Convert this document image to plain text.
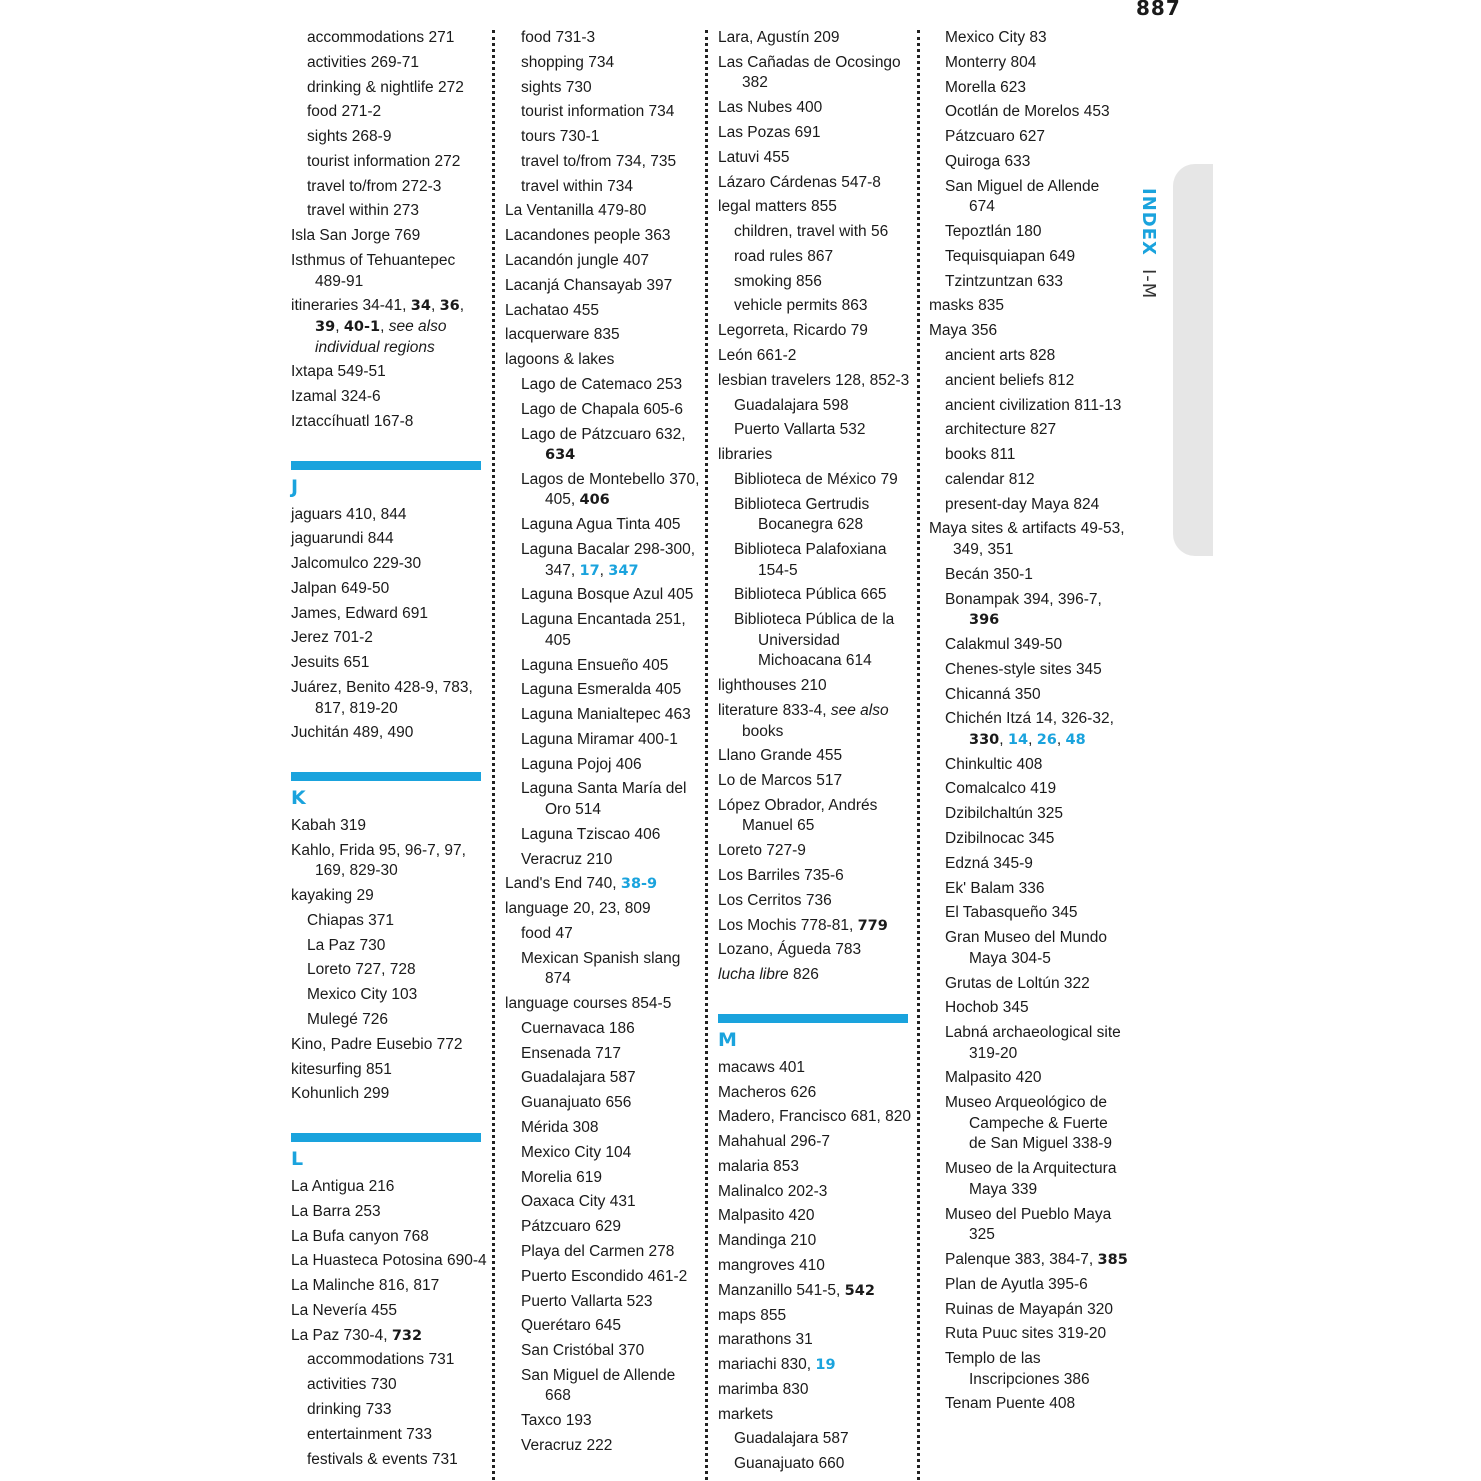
887
accommodations 271
activities 269-71
drinking & nightlife 272
food 271-2
sights 268-9
tourist information 272
travel to/from 272-3
travel within 273
Isla San Jorge 769
Isthmus of Tehuantepec 489-91
itineraries 34-41, 34, 36, 39, 40-1, see also individual regions
Ixtapa 549-51
Izamal 324-6
Iztaccíhuatl 167-8
J
jaguars 410, 844
jaguarundi 844
Jalcomulco 229-30
Jalpan 649-50
James, Edward 691
Jerez 701-2
Jesuits 651
Juárez, Benito 428-9, 783, 817, 819-20
Juchitán 489, 490
K
Kabah 319
Kahlo, Frida 95, 96-7, 97, 169, 829-30
kayaking 29
Chiapas 371
La Paz 730
Loreto 727, 728
Mexico City 103
Mulegé 726
Kino, Padre Eusebio 772
kitesurfing 851
Kohunlich 299
L
La Antigua 216
La Barra 253
La Bufa canyon 768
La Huasteca Potosina 690-4
La Malinche 816, 817
La Nevería 455
La Paz 730-4, 732
accommodations 731
activities 730
drinking 733
entertainment 733
festivals & events 731
food 731-3
shopping 734
sights 730
tourist information 734
tours 730-1
travel to/from 734, 735
travel within 734
La Ventanilla 479-80
Lacandones people 363
Lacandón jungle 407
Lacanjá Chansayab 397
Lachatao 455
lacquerware 835
lagoons & lakes
Lago de Catemaco 253
Lago de Chapala 605-6
Lago de Pátzcuaro 632, 634
Lagos de Montebello 370, 405, 406
Laguna Agua Tinta 405
Laguna Bacalar 298-300, 347, 17, 347
Laguna Bosque Azul 405
Laguna Encantada 251, 405
Laguna Ensueño 405
Laguna Esmeralda 405
Laguna Manialtepec 463
Laguna Miramar 400-1
Laguna Pojoj 406
Laguna Santa María del Oro 514
Laguna Tziscao 406
Veracruz 210
Land's End 740, 38-9
language 20, 23, 809
food 47
Mexican Spanish slang 874
language courses 854-5
Cuernavaca 186
Ensenada 717
Guadalajara 587
Guanajuato 656
Mérida 308
Mexico City 104
Morelia 619
Oaxaca City 431
Pátzcuaro 629
Playa del Carmen 278
Puerto Escondido 461-2
Puerto Vallarta 523
Querétaro 645
San Cristóbal 370
San Miguel de Allende 668
Taxco 193
Veracruz 222
Lara, Agustín 209
Las Cañadas de Ocosingo 382
Las Nubes 400
Las Pozas 691
Latuvi 455
Lázaro Cárdenas 547-8
legal matters 855
children, travel with 56
road rules 867
smoking 856
vehicle permits 863
Legorreta, Ricardo 79
León 661-2
lesbian travelers 128, 852-3
Guadalajara 598
Puerto Vallarta 532
libraries
Biblioteca de México 79
Biblioteca Gertrudis Bocanegra 628
Biblioteca Palafoxiana 154-5
Biblioteca Pública 665
Biblioteca Pública de la Universidad Michoacana 614
lighthouses 210
literature 833-4, see also books
Llano Grande 455
Lo de Marcos 517
López Obrador, Andrés Manuel 65
Loreto 727-9
Los Barriles 735-6
Los Cerritos 736
Los Mochis 778-81, 779
Lozano, Águeda 783
lucha libre 826
M
macaws 401
Macheros 626
Madero, Francisco 681, 820
Mahahual 296-7
malaria 853
Malinalco 202-3
Malpasito 420
Mandinga 210
mangroves 410
Manzanillo 541-5, 542
maps 855
marathons 31
mariachi 830, 19
marimba 830
markets
Guadalajara 587
Guanajuato 660
Mexico City 83
Monterry 804
Morella 623
Ocotlán de Morelos 453
Pátzcuaro 627
Quiroga 633
San Miguel de Allende 674
Tepoztlán 180
Tequisquiapan 649
Tzintzuntzan 633
masks 835
Maya 356
ancient arts 828
ancient beliefs 812
ancient civilization 811-13
architecture 827
books 811
calendar 812
present-day Maya 824
Maya sites & artifacts 49-53, 349, 351
Becán 350-1
Bonampak 394, 396-7, 396
Calakmul 349-50
Chenes-style sites 345
Chicanná 350
Chichén Itzá 14, 326-32, 330, 14, 26, 48
Chinkultic 408
Comalcalco 419
Dzibilchaltún 325
Dzibilnocac 345
Edzná 345-9
Ek' Balam 336
El Tabasqueño 345
Gran Museo del Mundo Maya 304-5
Grutas de Loltún 322
Hochob 345
Labná archaeological site 319-20
Malpasito 420
Museo Arqueológico de Campeche & Fuerte de San Miguel 338-9
Museo de la Arquitectura Maya 339
Museo del Pueblo Maya 325
Palenque 383, 384-7, 385
Plan de Ayutla 395-6
Ruinas de Mayapán 320
Ruta Puuc sites 319-20
Templo de las Inscripciones 386
Tenam Puente 408
INDEX I-M
